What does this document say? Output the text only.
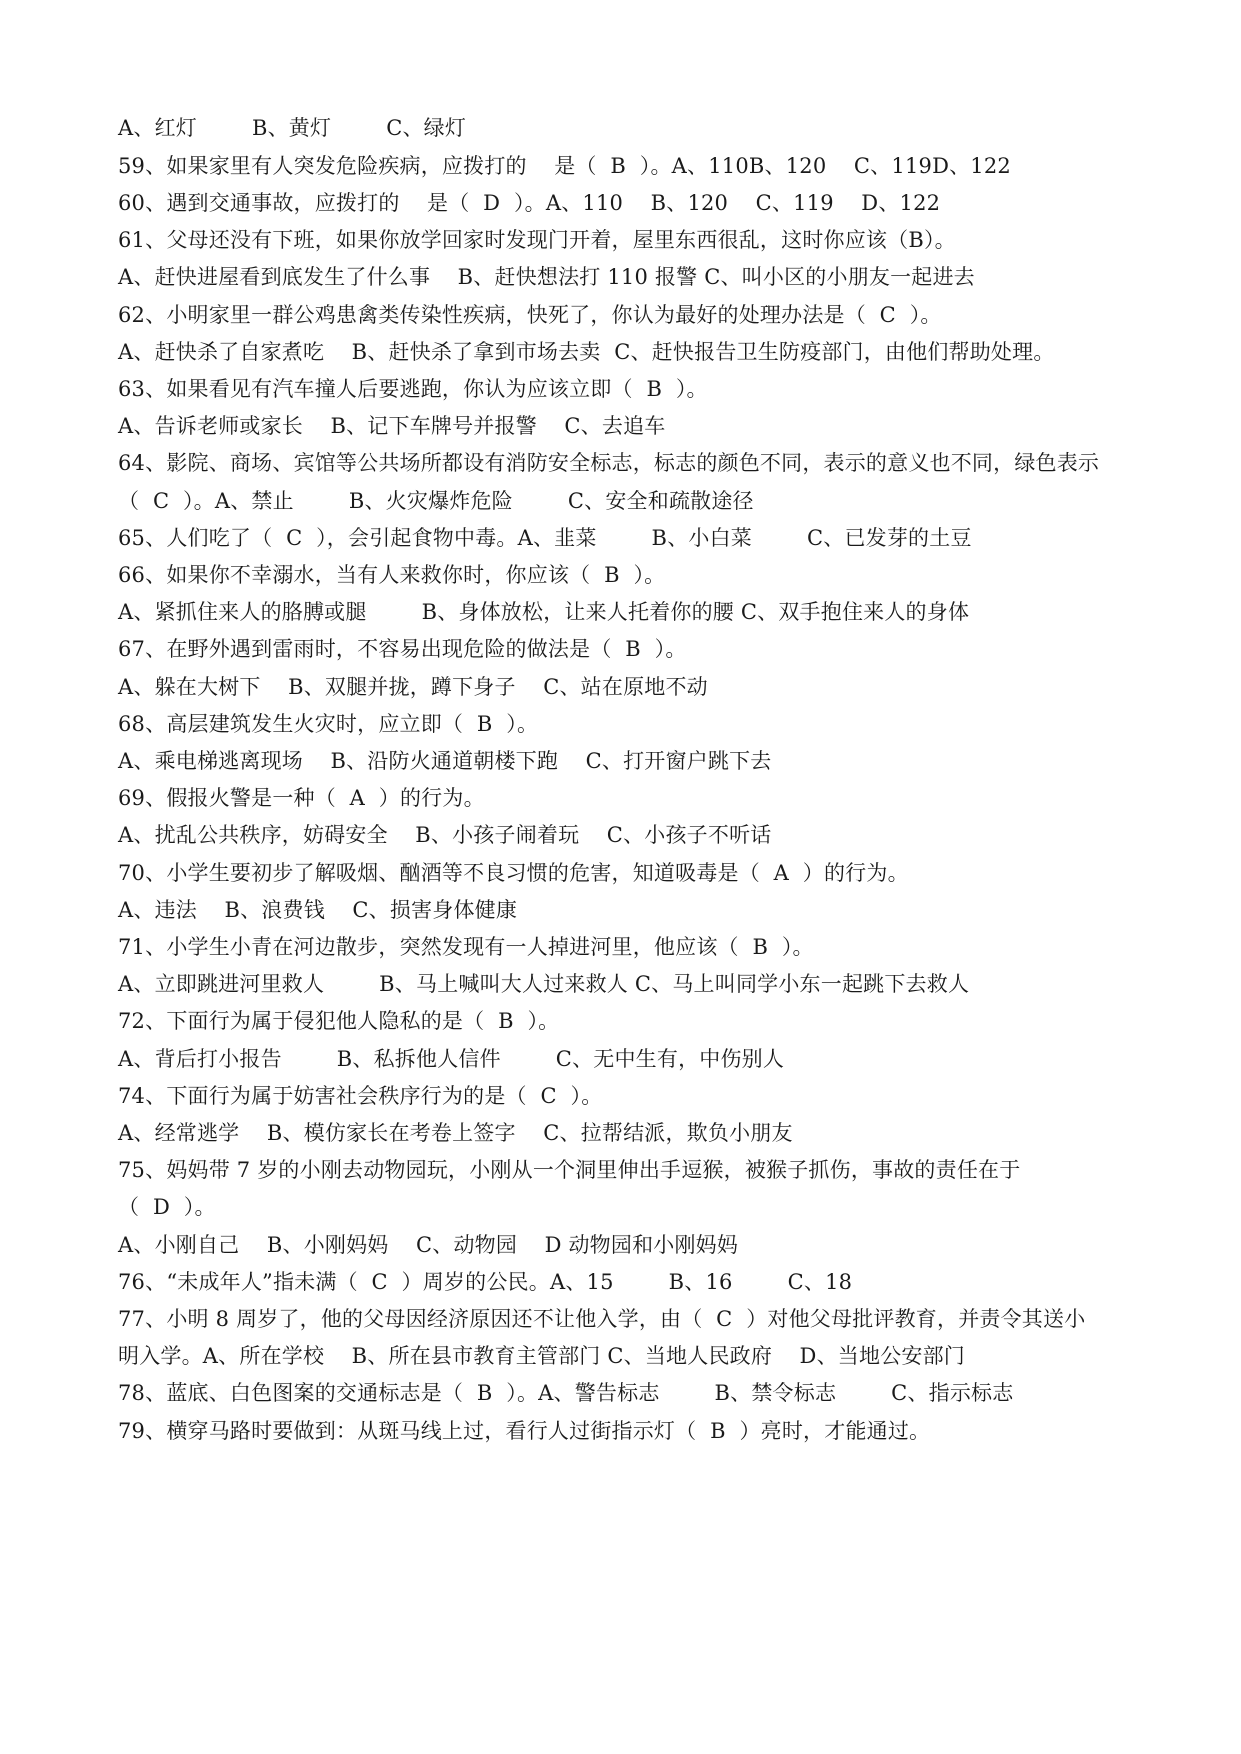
A、红灯        B、黄灯        C、绿灯

59、如果家里有人突发危险疾病，应拨打的    是（  B  ）。A、110B、120    C、119D、122

60、遇到交通事故，应拨打的    是（  D  ）。A、110    B、120    C、119    D、122

61、父母还没有下班，如果你放学回家时发现门开着，屋里东西很乱，这时你应该（B）。

A、赶快进屋看到底发生了什么事    B、赶快想法打 110 报警 C、叫小区的小朋友一起进去

62、小明家里一群公鸡患禽类传染性疾病，快死了，你认为最好的处理办法是（  C  ）。

A、赶快杀了自家煮吃    B、赶快杀了拿到市场去卖  C、赶快报告卫生防疫部门，由他们帮助处理。

63、如果看见有汽车撞人后要逃跑，你认为应该立即（  B  ）。

A、告诉老师或家长    B、记下车牌号并报警    C、去追车

64、影院、商场、宾馆等公共场所都设有消防安全标志，标志的颜色不同，表示的意义也不同，绿色表示

（  C  ）。A、禁止        B、火灾爆炸危险        C、安全和疏散途径

65、人们吃了（  C  ），会引起食物中毒。A、韭菜        B、小白菜        C、已发芽的土豆

66、如果你不幸溺水，当有人来救你时，你应该（  B  ）。

A、紧抓住来人的胳膊或腿        B、身体放松，让来人托着你的腰 C、双手抱住来人的身体

67、在野外遇到雷雨时，不容易出现危险的做法是（  B  ）。

A、躲在大树下    B、双腿并拢，蹲下身子    C、站在原地不动

68、高层建筑发生火灾时，应立即（  B  ）。

A、乘电梯逃离现场    B、沿防火通道朝楼下跑    C、打开窗户跳下去

69、假报火警是一种（  A  ）的行为。

A、扰乱公共秩序，妨碍安全    B、小孩子闹着玩    C、小孩子不听话

70、小学生要初步了解吸烟、酗酒等不良习惯的危害，知道吸毒是（  A  ）的行为。

A、违法    B、浪费钱    C、损害身体健康

71、小学生小青在河边散步，突然发现有一人掉进河里，他应该（  B  ）。

A、立即跳进河里救人        B、马上喊叫大人过来救人 C、马上叫同学小东一起跳下去救人

72、下面行为属于侵犯他人隐私的是（  B  ）。

A、背后打小报告        B、私拆他人信件        C、无中生有，中伤别人

74、下面行为属于妨害社会秩序行为的是（  C  ）。

A、经常逃学    B、模仿家长在考卷上签字    C、拉帮结派，欺负小朋友

75、妈妈带 7 岁的小刚去动物园玩，小刚从一个洞里伸出手逗猴，被猴子抓伤，事故的责任在于

（  D  ）。

A、小刚自己    B、小刚妈妈    C、动物园    D 动物园和小刚妈妈

76、“未成年人”指未满（  C  ）周岁的公民。A、15        B、16        C、18

77、小明 8 周岁了，他的父母因经济原因还不让他入学，由（  C  ）对他父母批评教育，并责令其送小

明入学。A、所在学校    B、所在县市教育主管部门 C、当地人民政府    D、当地公安部门

78、蓝底、白色图案的交通标志是（  B  ）。A、警告标志        B、禁令标志        C、指示标志

79、横穿马路时要做到：从斑马线上过，看行人过街指示灯（  B  ）亮时，才能通过。
